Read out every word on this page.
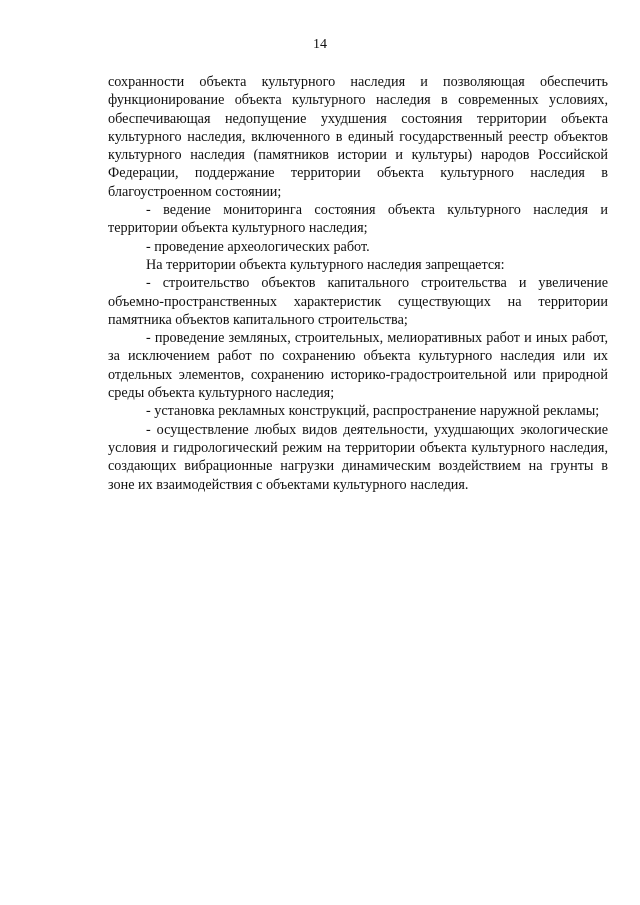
14

сохранности объекта культурного наследия и позволяющая обеспечить функционирование объекта культурного наследия в современных условиях, обеспечивающая недопущение ухудшения состояния территории объекта культурного наследия, включенного в единый государственный реестр объектов культурного наследия (памятников истории и культуры) народов Российской Федерации, поддержание территории объекта культурного наследия в благоустроенном состоянии;

- ведение мониторинга состояния объекта культурного наследия и территории объекта культурного наследия;

- проведение археологических работ.

На территории объекта культурного наследия запрещается:

- строительство объектов капитального строительства и увеличение объемно-пространственных характеристик существующих на территории памятника объектов капитального строительства;

- проведение земляных, строительных, мелиоративных работ и иных работ, за исключением работ по сохранению объекта культурного наследия или их отдельных элементов, сохранению историко-градостроительной или природной среды объекта культурного наследия;

- установка рекламных конструкций, распространение наружной рекламы;

- осуществление любых видов деятельности, ухудшающих экологические условия и гидрологический режим на территории объекта культурного наследия, создающих вибрационные нагрузки динамическим воздействием на грунты в зоне их взаимодействия с объектами культурного наследия.
